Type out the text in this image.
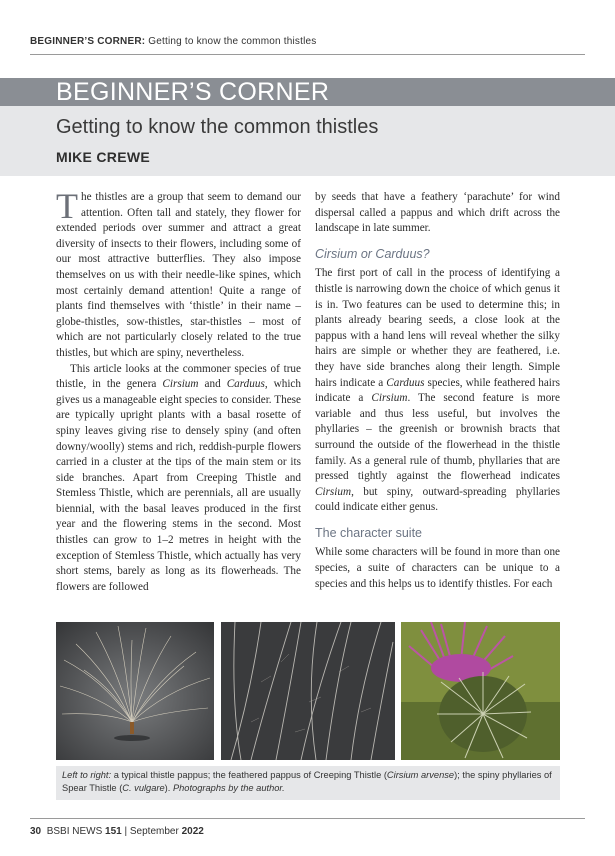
BEGINNER’S CORNER: Getting to know the common thistles
BEGINNER’S CORNER
Getting to know the common thistles
MIKE CREWE

The thistles are a group that seem to demand our attention. Often tall and stately, they flower for extended periods over summer and attract a great diversity of insects to their flowers, including some of our most attractive butterflies. They also impose themselves on us with their needle-like spines, which most certainly demand attention! Quite a range of plants find themselves with ‘thistle’ in their name – globe-thistles, sow-thistles, star-thistles – most of which are not particularly closely related to the true thistles, but which are spiny, nevertheless.

This article looks at the commoner species of true thistle, in the genera Cirsium and Carduus, which gives us a manageable eight species to consider. These are typically upright plants with a basal rosette of spiny leaves giving rise to densely spiny (and often downy/woolly) stems and rich, reddish-purple flowers carried in a cluster at the tips of the main stem or its side branches. Apart from Creeping Thistle and Stemless Thistle, which are perennials, all are usually biennial, with the basal leaves produced in the first year and the flowering stems in the second. Most thistles can grow to 1–2 metres in height with the exception of Stemless Thistle, which actually has very short stems, barely as long as its flowerheads. The flowers are followed

by seeds that have a feathery ‘parachute’ for wind dispersal called a pappus and which drift across the landscape in late summer.

Cirsium or Carduus?

The first port of call in the process of identifying a thistle is narrowing down the choice of which genus it is in. Two features can be used to determine this; in plants already bearing seeds, a close look at the pappus with a hand lens will reveal whether the silky hairs are simple or whether they are feathered, i.e. they have side branches along their length. Simple hairs indicate a Carduus species, while feathered hairs indicate a Cirsium. The second feature is more variable and thus less useful, but involves the phyllaries – the greenish or brownish bracts that surround the outside of the flowerhead in the thistle family. As a general rule of thumb, phyllaries that are pressed tightly against the flowerhead indicates Cirsium, but spiny, outward-spreading phyllaries could indicate either genus.

The character suite

While some characters will be found in more than one species, a suite of characters can be unique to a species and this helps us to identify thistles. For each

Left to right: a typical thistle pappus; the feathered pappus of Creeping Thistle (Cirsium arvense); the spiny phyllaries of Spear Thistle (C. vulgare). Photographs by the author.
30 BSBI NEWS 151 | September 2022
